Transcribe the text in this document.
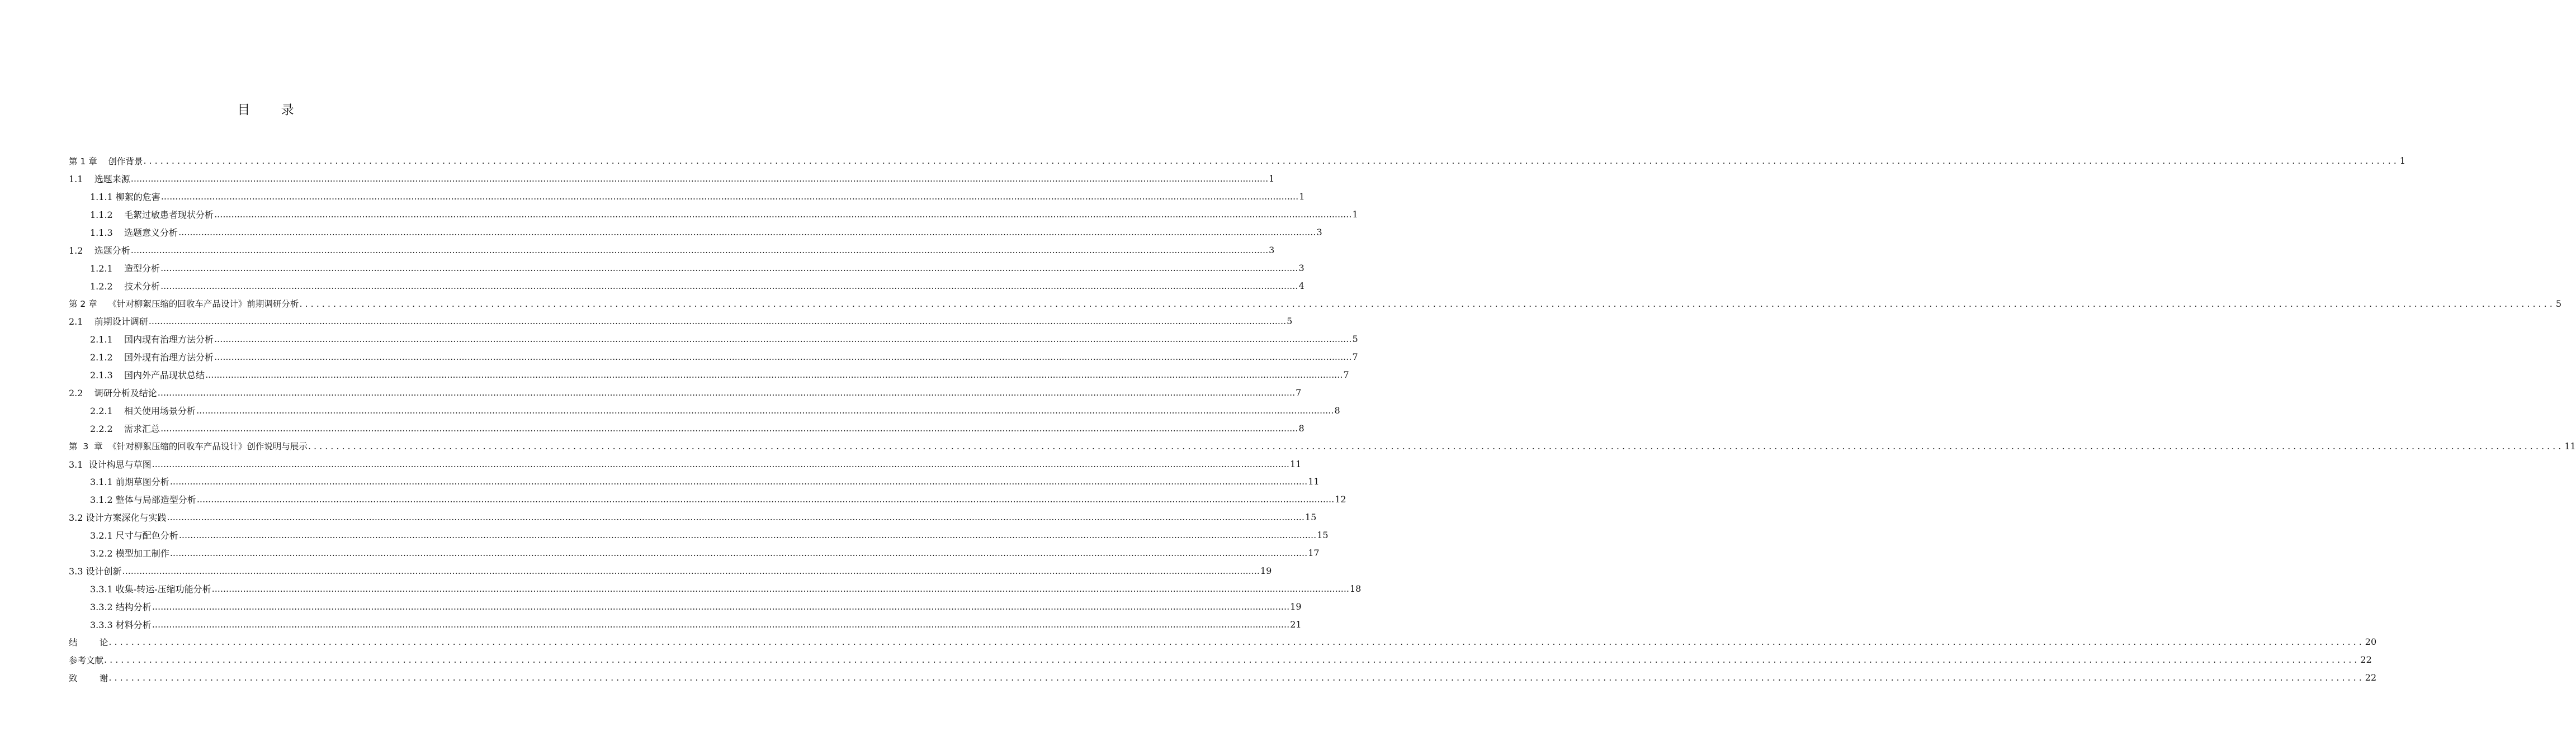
目 录
第 1 章    创作背景 ................................................................................................................................................................................................................................................................................................................................................................................................................ 1
1.1    选题来源 ................................................................................................................................................................................................................................................................................................................................................................................................................ 1
1.1.1 柳絮的危害 ................................................................................................................................................................................................................................................................................................................................................................................................................ 1
1.1.2    毛絮过敏患者现状分析 ................................................................................................................................................................................................................................................................................................................................................................................................................ 1
1.1.3    选题意义分析 ................................................................................................................................................................................................................................................................................................................................................................................................................ 3
1.2    选题分析 ................................................................................................................................................................................................................................................................................................................................................................................................................ 3
1.2.1    造型分析 ................................................................................................................................................................................................................................................................................................................................................................................................................ 3
1.2.2    技术分析 ................................................................................................................................................................................................................................................................................................................................................................................................................ 4
第 2 章    《针对柳絮压缩的回收车产品设计》前期调研分析 ................................................................................................................................................................................................................................................................................................................................................................................................................ 5
2.1    前期设计调研 ................................................................................................................................................................................................................................................................................................................................................................................................................ 5
2.1.1    国内现有治理方法分析 ................................................................................................................................................................................................................................................................................................................................................................................................................ 5
2.1.2    国外现有治理方法分析 ................................................................................................................................................................................................................................................................................................................................................................................................................ 7
2.1.3    国内外产品现状总结 ................................................................................................................................................................................................................................................................................................................................................................................................................ 7
2.2    调研分析及结论 ................................................................................................................................................................................................................................................................................................................................................................................................................ 7
2.2.1    相关使用场景分析 ................................................................................................................................................................................................................................................................................................................................................................................................................ 8
2.2.2    需求汇总 ................................................................................................................................................................................................................................................................................................................................................................................................................ 8
第  3  章  《针对柳絮压缩的回收车产品设计》创作说明与展示 ................................................................................................................................................................................................................................................................................................................................................................................................................ 11
3.1  设计构思与草图 ................................................................................................................................................................................................................................................................................................................................................................................................................ 11
3.1.1 前期草图分析 ................................................................................................................................................................................................................................................................................................................................................................................................................ 11
3.1.2 整体与局部造型分析 ................................................................................................................................................................................................................................................................................................................................................................................................................ 12
3.2 设计方案深化与实践 ................................................................................................................................................................................................................................................................................................................................................................................................................ 15
3.2.1 尺寸与配色分析 ................................................................................................................................................................................................................................................................................................................................................................................................................ 15
3.2.2 模型加工制作 ................................................................................................................................................................................................................................................................................................................................................................................................................ 17
3.3 设计创新 ................................................................................................................................................................................................................................................................................................................................................................................................................ 19
3.3.1 收集-转运-压缩功能分析 ................................................................................................................................................................................................................................................................................................................................................................................................................ 18
3.3.2 结构分析 ................................................................................................................................................................................................................................................................................................................................................................................................................ 19
3.3.3 材料分析 ................................................................................................................................................................................................................................................................................................................................................................................................................ 21
结        论 ................................................................................................................................................................................................................................................................................................................................................................................................................ 20
参考文献 ................................................................................................................................................................................................................................................................................................................................................................................................................ 22
致        谢 ................................................................................................................................................................................................................................................................................................................................................................................................................ 22
